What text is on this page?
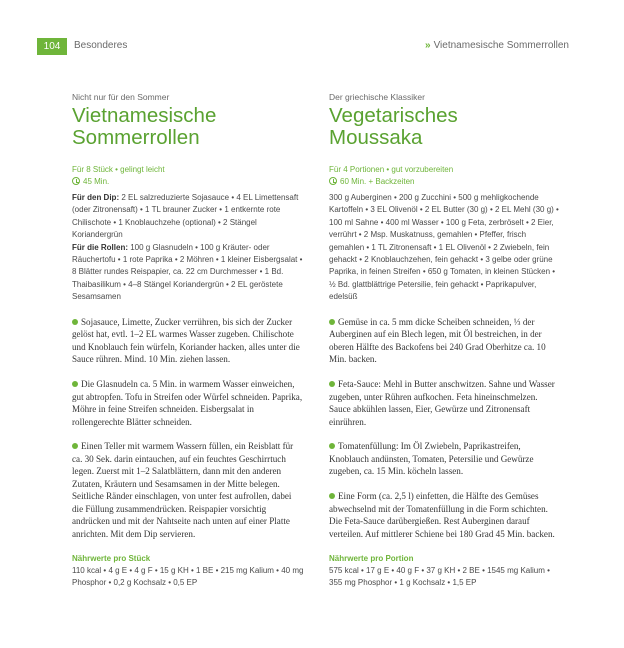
104	Besonderes	» Vietnamesische Sommerrollen
Nicht nur für den Sommer
Vietnamesische
Sommerrollen
Für 8 Stück • gelingt leicht
45 Min.
Für den Dip: 2 EL salzreduzierte Sojasauce • 4 EL Limettensaft (oder Zitronensaft) • 1 TL brauner Zucker • 1 entkernte rote Chilischote • 1 Knoblauchzehe (optional) • 2 Stängel Koriandergrün
Für die Rollen: 100 g Glasnudeln • 100 g Kräuter- oder Räuchertofu • 1 rote Paprika • 2 Möhren • 1 kleiner Eisbergsalat • 8 Blätter rundes Reispapier, ca. 22 cm Durchmesser • 1 Bd. Thaibasilikum • 4–8 Stängel Koriandergrün • 2 EL geröstete Sesamsamen
Sojasauce, Limette, Zucker verrühren, bis sich der Zucker gelöst hat, evtl. 1–2 EL warmes Wasser zugeben. Chilischote und Knoblauch fein würfeln, Koriander hacken, alles unter die Sauce rühren. Mind. 10 Min. ziehen lassen.
Die Glasnudeln ca. 5 Min. in warmem Wasser einweichen, gut abtropfen. Tofu in Streifen oder Würfel schneiden. Paprika, Möhre in feine Streifen schneiden. Eisbergsalat in rollengerechte Blätter schneiden.
Einen Teller mit warmem Wassern füllen, ein Reisblatt für ca. 30 Sek. darin eintauchen, auf ein feuchtes Geschirrtuch legen. Zuerst mit 1–2 Salatblättern, dann mit den anderen Zutaten, Kräutern und Sesamsamen in der Mitte belegen. Seitliche Ränder einschlagen, von unter fest aufrollen, dabei die Füllung zusammendrücken. Reispapier vorsichtig andrücken und mit der Nahtseite nach unten auf einer Platte anrichten. Mit dem Dip servieren.
Nährwerte pro Stück
110 kcal • 4 g E • 4 g F • 15 g KH • 1 BE • 215 mg Kalium • 40 mg Phosphor • 0,2 g Kochsalz • 0,5 EP
Der griechische Klassiker
Vegetarisches
Moussaka
Für 4 Portionen • gut vorzubereiten
60 Min. + Backzeiten
300 g Auberginen • 200 g Zucchini • 500 g mehligkochende Kartoffeln • 3 EL Olivenöl • 2 EL Butter (30 g) • 2 EL Mehl (30 g) • 100 ml Sahne • 400 ml Wasser • 100 g Feta, zerbröselt • 2 Eier, verrührt • 2 Msp. Muskatnuss, gemahlen • Pfeffer, frisch gemahlen • 1 TL Zitronensaft • 1 EL Olivenöl • 2 Zwiebeln, fein gehackt • 2 Knoblauchzehen, fein gehackt • 3 gelbe oder grüne Paprika, in feinen Streifen • 650 g Tomaten, in kleinen Stücken • ½ Bd. glattblättrige Petersilie, fein gehackt • Paprikapulver, edelsüß
Gemüse in ca. 5 mm dicke Scheiben schneiden, ⅓ der Auberginen auf ein Blech legen, mit Öl bestreichen, in der oberen Hälfte des Backofens bei 240 Grad Oberhitze ca. 10 Min. backen.
Feta-Sauce: Mehl in Butter anschwitzen. Sahne und Wasser zugeben, unter Rühren aufkochen. Feta hineinschmelzen. Sauce abkühlen lassen, Eier, Gewürze und Zitronensaft einrühren.
Tomatenfüllung: Im Öl Zwiebeln, Paprikastreifen, Knoblauch andünsten, Tomaten, Petersilie und Gewürze zugeben, ca. 15 Min. köcheln lassen.
Eine Form (ca. 2,5 l) einfetten, die Hälfte des Gemüses abwechselnd mit der Tomatenfüllung in die Form schichten. Die Feta-Sauce darübergießen. Rest Auberginen darauf verteilen. Auf mittlerer Schiene bei 180 Grad 45 Min. backen.
Nährwerte pro Portion
575 kcal • 17 g E • 40 g F • 37 g KH • 2 BE • 1545 mg Kalium • 355 mg Phosphor • 1 g Kochsalz • 1,5 EP
